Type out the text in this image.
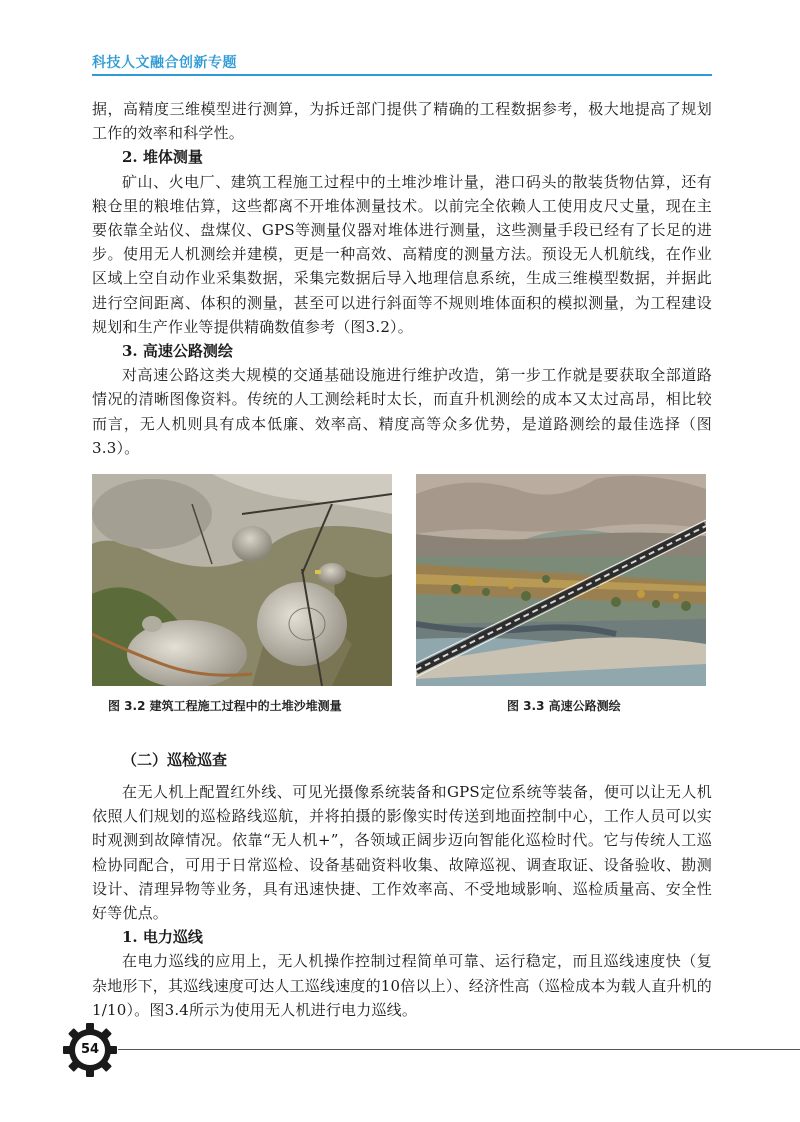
科技人文融合创新专题

据，高精度三维模型进行测算，为拆迁部门提供了精确的工程数据参考，极大地提高了规划工作的效率和科学性。

2. 堆体测量

矿山、火电厂、建筑工程施工过程中的土堆沙堆计量，港口码头的散装货物估算，还有粮仓里的粮堆估算，这些都离不开堆体测量技术。以前完全依赖人工使用皮尺丈量，现在主要依靠全站仪、盘煤仪、GPS等测量仪器对堆体进行测量，这些测量手段已经有了长足的进步。使用无人机测绘并建模，更是一种高效、高精度的测量方法。预设无人机航线，在作业区域上空自动作业采集数据，采集完数据后导入地理信息系统，生成三维模型数据，并据此进行空间距离、体积的测量，甚至可以进行斜面等不规则堆体面积的模拟测量，为工程建设规划和生产作业等提供精确数值参考（图3.2）。

3. 高速公路测绘

对高速公路这类大规模的交通基础设施进行维护改造，第一步工作就是要获取全部道路情况的清晰图像资料。传统的人工测绘耗时太长，而直升机测绘的成本又太过高昂，相比较而言，无人机则具有成本低廉、效率高、精度高等众多优势，是道路测绘的最佳选择（图3.3）。

图 3.2 建筑工程施工过程中的土堆沙堆测量	图 3.3 高速公路测绘

（二）巡检巡查

在无人机上配置红外线、可见光摄像系统装备和GPS定位系统等装备，便可以让无人机依照人们规划的巡检路线巡航，并将拍摄的影像实时传送到地面控制中心，工作人员可以实时观测到故障情况。依靠“无人机+”，各领域正阔步迈向智能化巡检时代。它与传统人工巡检协同配合，可用于日常巡检、设备基础资料收集、故障巡视、调查取证、设备验收、勘测设计、清理异物等业务，具有迅速快捷、工作效率高、不受地域影响、巡检质量高、安全性好等优点。

1. 电力巡线

在电力巡线的应用上，无人机操作控制过程简单可靠、运行稳定，而且巡线速度快（复杂地形下，其巡线速度可达人工巡线速度的10倍以上）、经济性高（巡检成本为载人直升机的1/10）。图3.4所示为使用无人机进行电力巡线。

54
